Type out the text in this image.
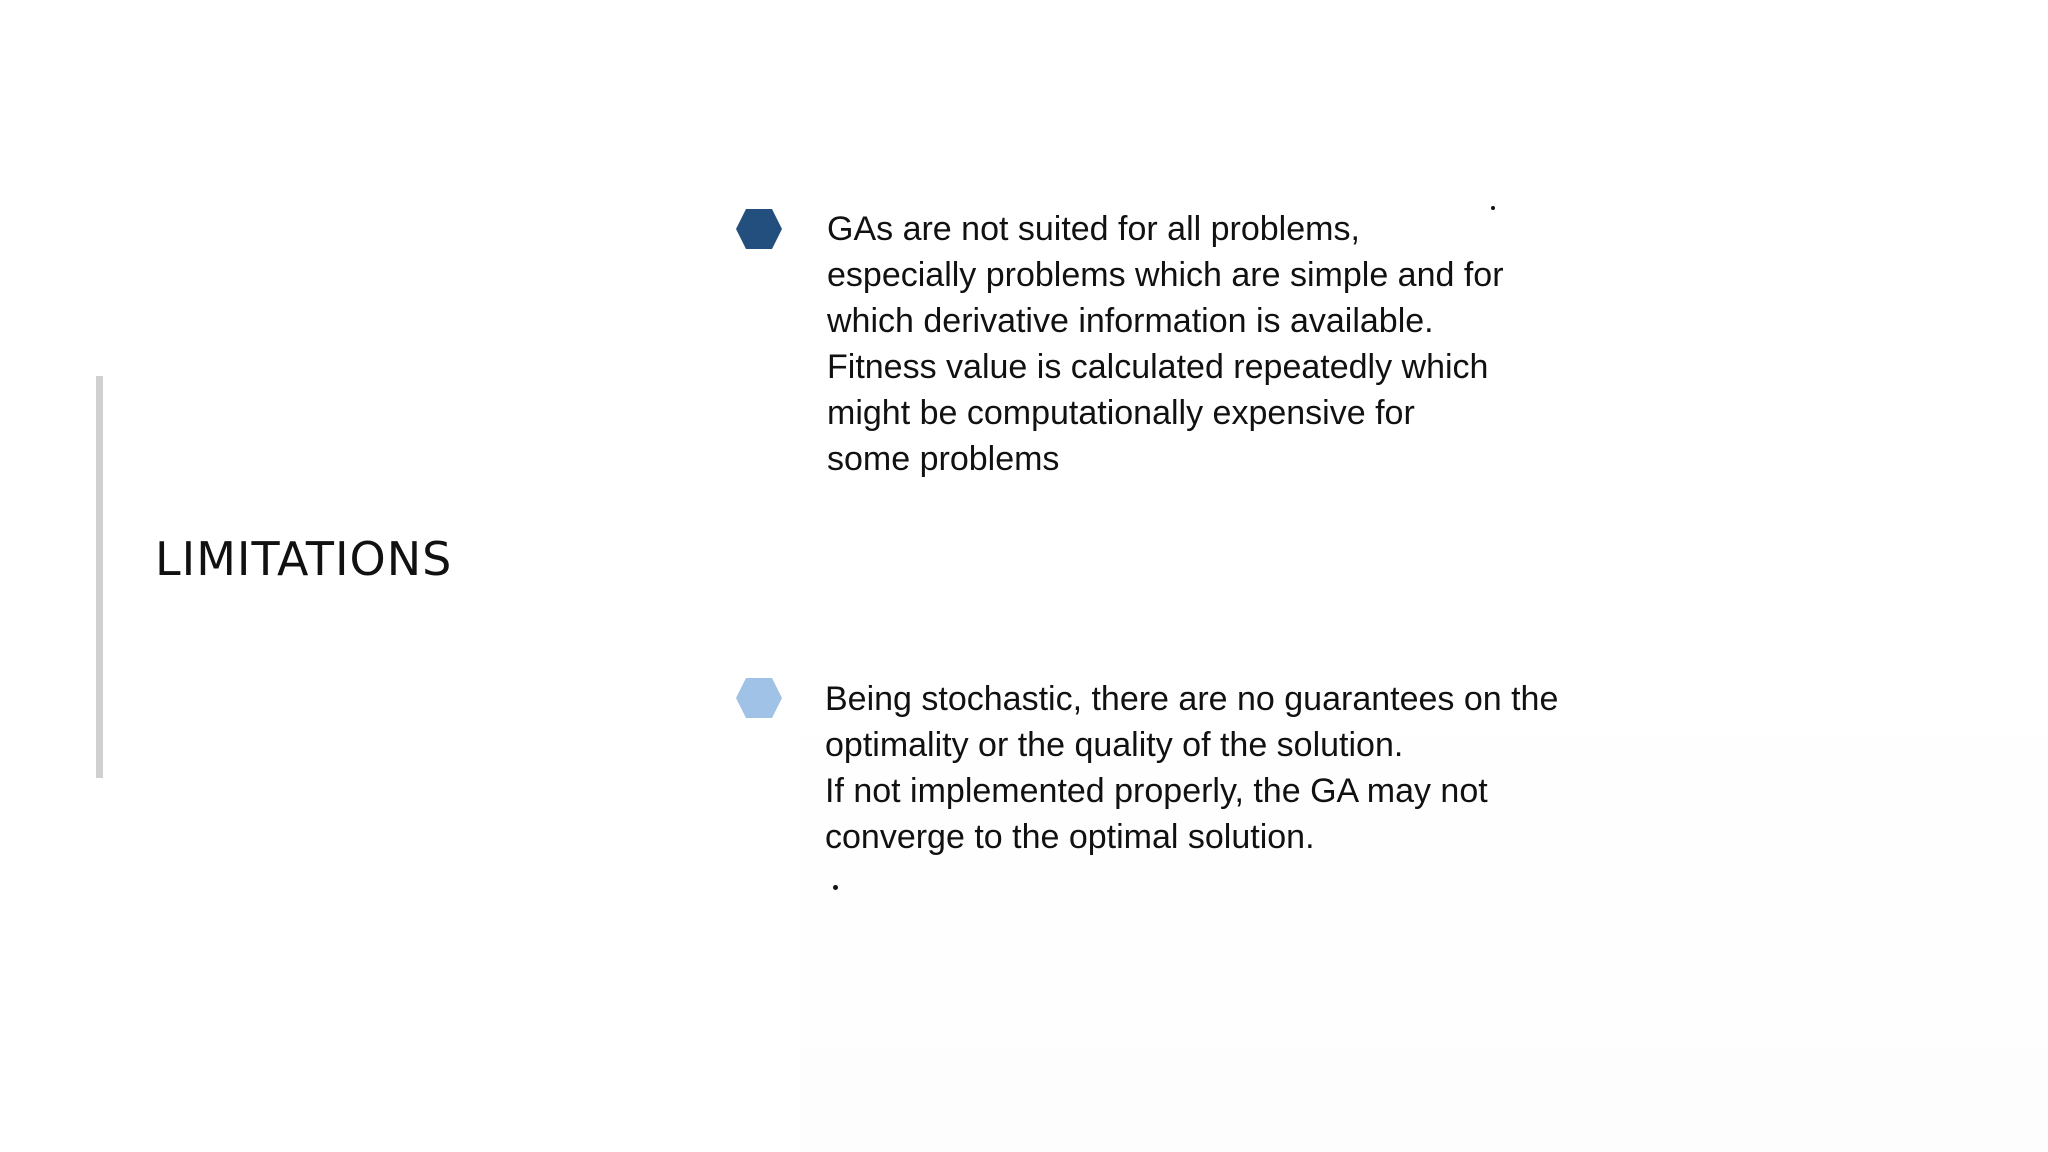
LIMITATIONS
GAs are not suited for all problems,
especially problems which are simple and for
which derivative information is available.
Fitness value is calculated repeatedly which
might be computationally expensive for
some problems
Being stochastic, there are no guarantees on the
optimality or the quality of the solution.
If not implemented properly, the GA may not
converge to the optimal solution.
